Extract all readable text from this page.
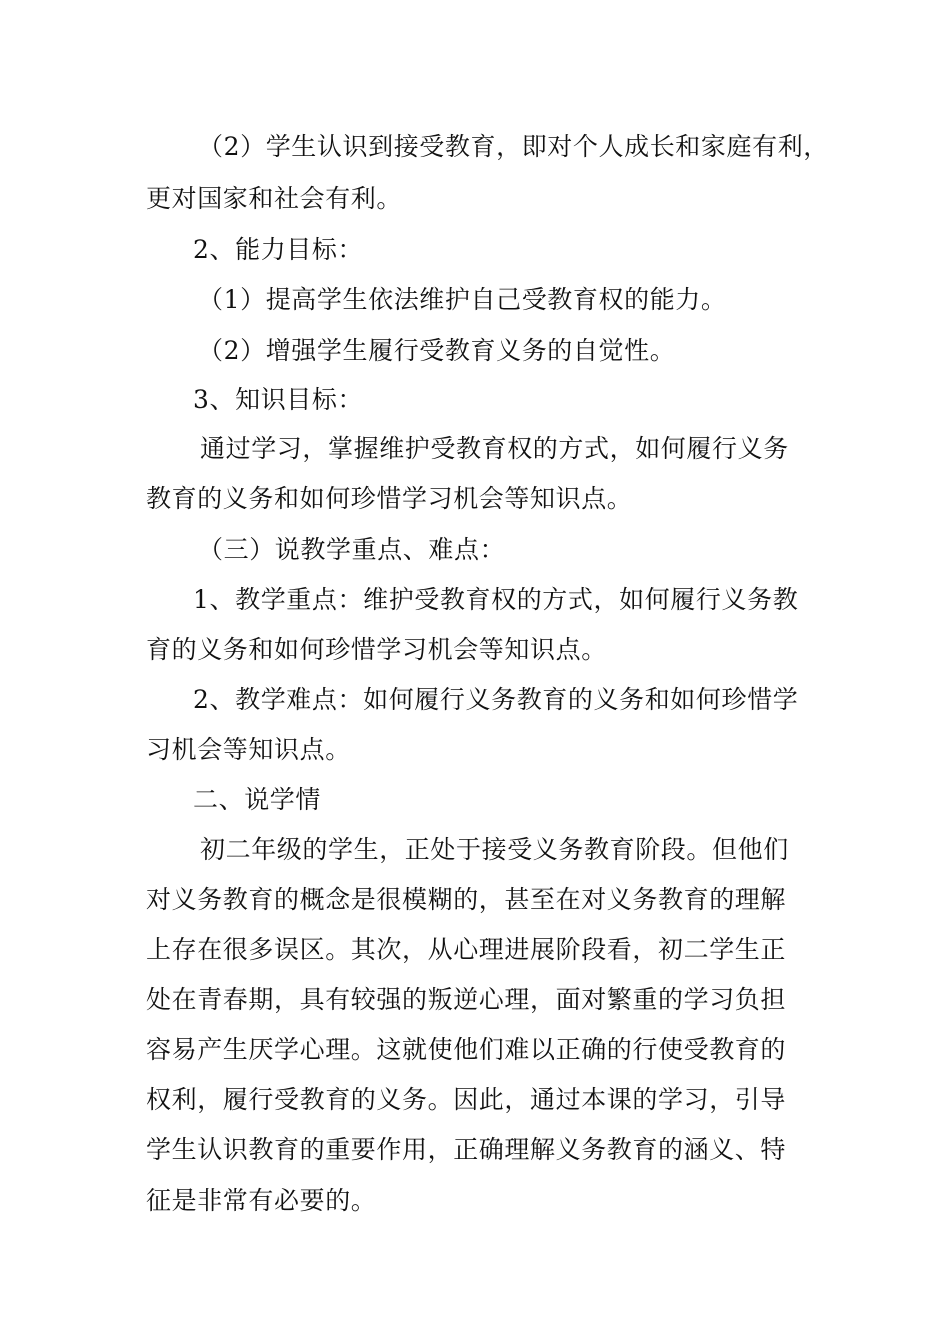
（2）学生认识到接受教育，即对个人成长和家庭有利，
更对国家和社会有利。
2、能力目标：
（1）提高学生依法维护自己受教育权的能力。
（2）增强学生履行受教育义务的自觉性。
3、知识目标：
通过学习，掌握维护受教育权的方式，如何履行义务
教育的义务和如何珍惜学习机会等知识点。
（三）说教学重点、难点：
1、教学重点：维护受教育权的方式，如何履行义务教
育的义务和如何珍惜学习机会等知识点。
2、教学难点：如何履行义务教育的义务和如何珍惜学
习机会等知识点。
二、说学情
初二年级的学生，正处于接受义务教育阶段。但他们
对义务教育的概念是很模糊的，甚至在对义务教育的理解
上存在很多误区。其次，从心理进展阶段看，初二学生正
处在青春期，具有较强的叛逆心理，面对繁重的学习负担
容易产生厌学心理。这就使他们难以正确的行使受教育的
权利，履行受教育的义务。因此，通过本课的学习，引导
学生认识教育的重要作用，正确理解义务教育的涵义、特
征是非常有必要的。
